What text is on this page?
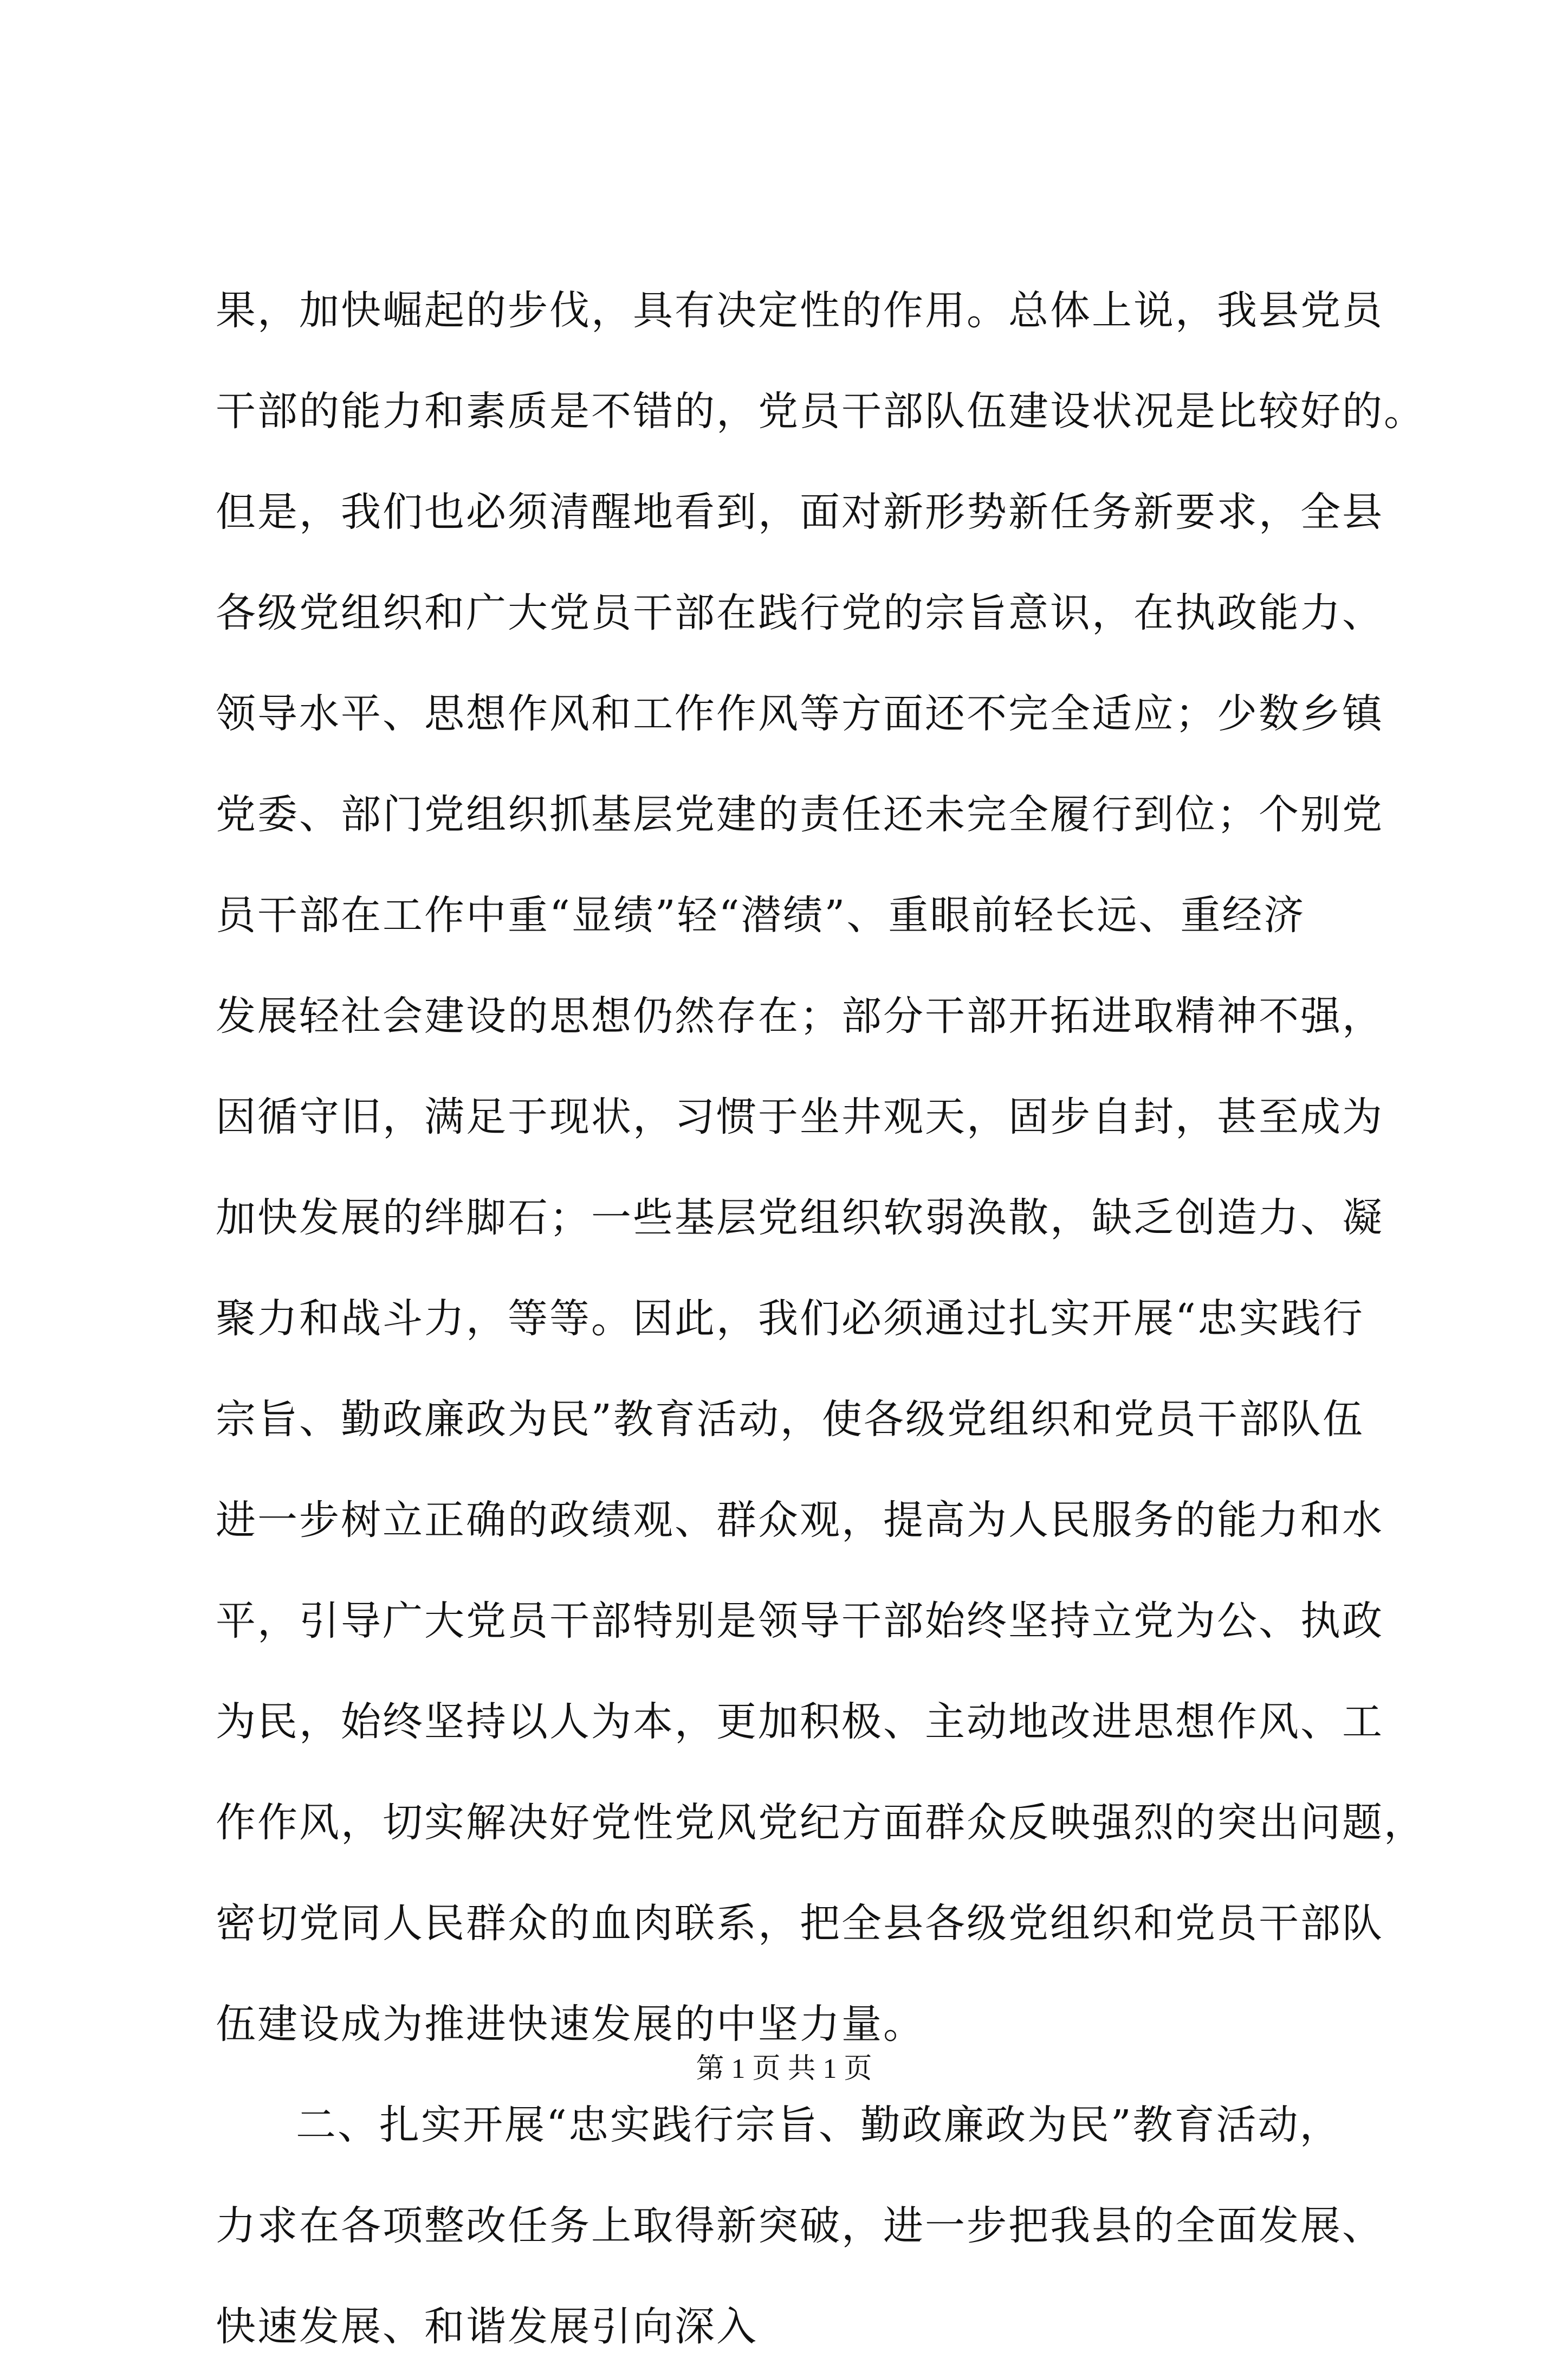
果，加快崛起的步伐，具有决定性的作用。总体上说，我县党员
干部的能力和素质是不错的，党员干部队伍建设状况是比较好的。
但是，我们也必须清醒地看到，面对新形势新任务新要求，全县
各级党组织和广大党员干部在践行党的宗旨意识，在执政能力、
领导水平、思想作风和工作作风等方面还不完全适应；少数乡镇
党委、部门党组织抓基层党建的责任还未完全履行到位；个别党
员干部在工作中重“显绩”轻“潜绩”、重眼前轻长远、重经济
发展轻社会建设的思想仍然存在；部分干部开拓进取精神不强，
因循守旧，满足于现状，习惯于坐井观天，固步自封，甚至成为
加快发展的绊脚石；一些基层党组织软弱涣散，缺乏创造力、凝
聚力和战斗力，等等。因此，我们必须通过扎实开展“忠实践行
宗旨、勤政廉政为民”教育活动，使各级党组织和党员干部队伍
进一步树立正确的政绩观、群众观，提高为人民服务的能力和水
平，引导广大党员干部特别是领导干部始终坚持立党为公、执政
为民，始终坚持以人为本，更加积极、主动地改进思想作风、工
作作风，切实解决好党性党风党纪方面群众反映强烈的突出问题，
密切党同人民群众的血肉联系，把全县各级党组织和党员干部队
伍建设成为推进快速发展的中坚力量。
二、扎实开展“忠实践行宗旨、勤政廉政为民”教育活动，
力求在各项整改任务上取得新突破，进一步把我县的全面发展、
快速发展、和谐发展引向深入
第 1 页 共 1 页
